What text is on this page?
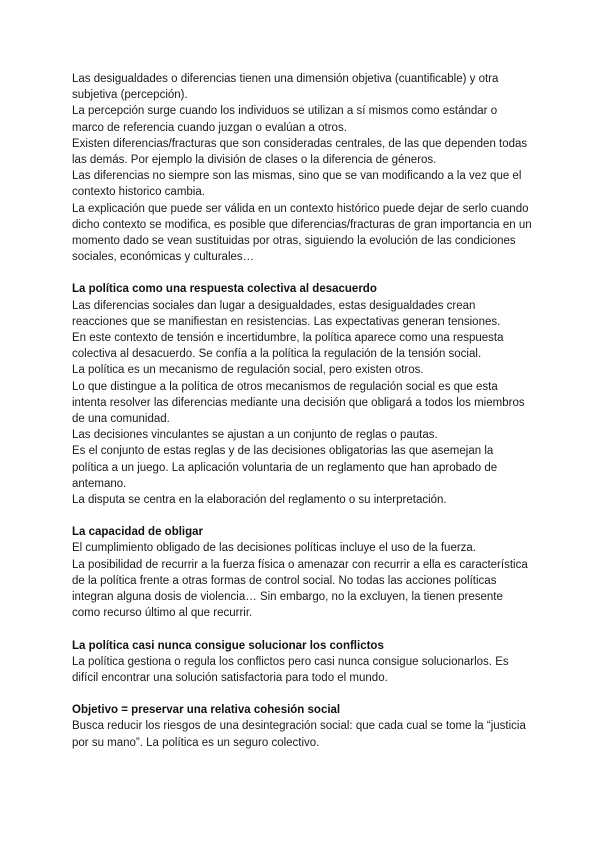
Las desigualdades o diferencias tienen una dimensión objetiva (cuantificable) y otra subjetiva (percepción).

La percepción surge cuando los individuos se utilizan a sí mismos como estándar o marco de referencia cuando juzgan o evalúan a otros.

Existen diferencias/fracturas que son consideradas centrales, de las que dependen todas las demás. Por ejemplo la división de clases o la diferencia de géneros.

Las diferencias no siempre son las mismas, sino que se van modificando a la vez que el contexto historico cambia.

La explicación que puede ser válida en un contexto histórico puede dejar de serlo cuando dicho contexto se modifica, es posible que diferencias/fracturas de gran importancia en un momento dado se vean sustituidas por otras, siguiendo la evolución de las condiciones sociales, económicas y culturales…

La política como una respuesta colectiva al desacuerdo

Las diferencias sociales dan lugar a desigualdades, estas desigualdades crean reacciones que se manifiestan en resistencias. Las expectativas generan tensiones.

En este contexto de tensión e incertidumbre, la política aparece como una respuesta colectiva al desacuerdo. Se confía a la política la regulación de la tensión social.

La política es un mecanismo de regulación social, pero existen otros.

Lo que distingue a la política de otros mecanismos de regulación social es que esta intenta resolver las diferencias mediante una decisión que obligará a todos los miembros de una comunidad.

Las decisiones vinculantes se ajustan a un conjunto de reglas o pautas.

Es el conjunto de estas reglas y de las decisiones obligatorias las que asemejan la política a un juego. La aplicación voluntaria de un reglamento que han aprobado de antemano.

La disputa se centra en la elaboración del reglamento o su interpretación.

La capacidad de obligar

El cumplimiento obligado de las decisiones políticas incluye el uso de la fuerza.

La posibilidad de recurrir a la fuerza física o amenazar con recurrir a ella es característica de la política frente a otras formas de control social. No todas las acciones políticas integran alguna dosis de violencia… Sin embargo, no la excluyen, la tienen presente como recurso último al que recurrir.

La política casi nunca consigue solucionar los conflictos

La política gestiona o regula los conflictos pero casi nunca consigue solucionarlos. Es difícil encontrar una solución satisfactoria para todo el mundo.

Objetivo = preservar una relativa cohesión social

Busca reducir los riesgos de una desintegración social: que cada cual se tome la “justicia por su mano”. La política es un seguro colectivo.
